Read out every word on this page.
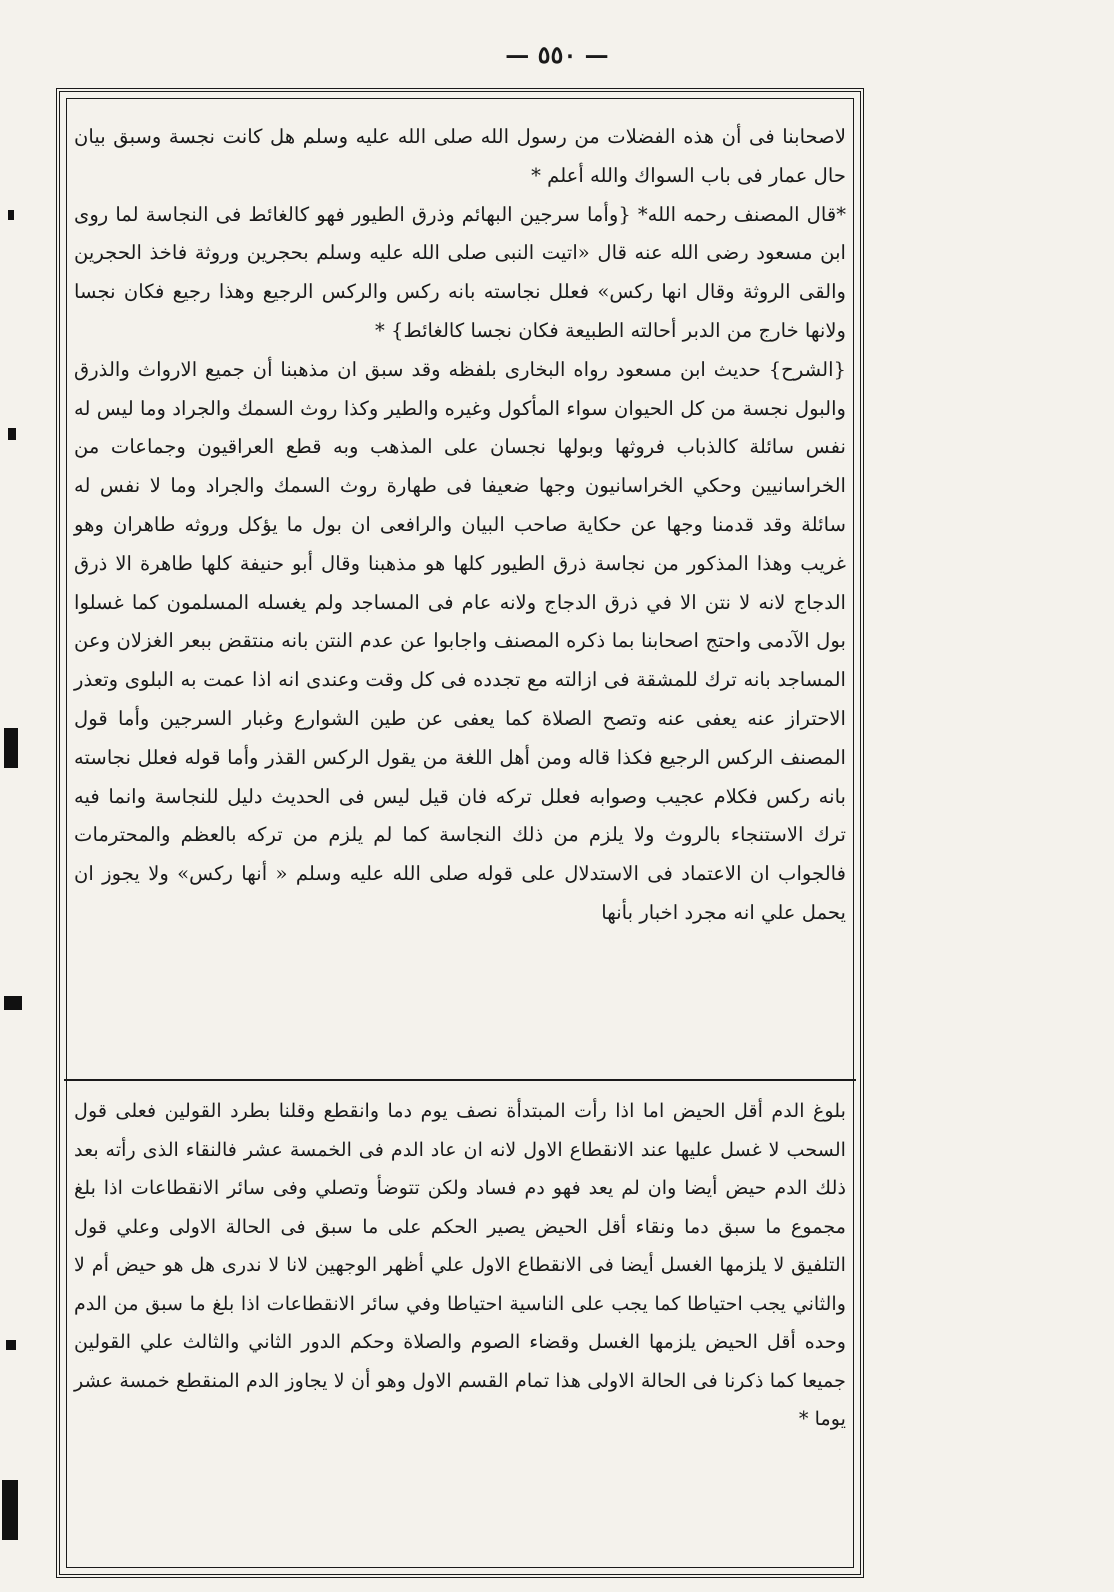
— ٥٥٠ —

لاصحابنا فى أن هذه الفضلات من رسول الله صلى الله عليه وسلم هل كانت نجسة وسبق بيان حال عمار فى باب السواك والله أعلم *

*قال المصنف رحمه الله* {وأما سرجين البهائم وذرق الطيور فهو كالغائط فى النجاسة لما روى ابن مسعود رضى الله عنه قال «اتيت النبى صلى الله عليه وسلم بحجرين وروثة فاخذ الحجرين والقى الروثة وقال انها ركس» فعلل نجاسته بانه ركس والركس الرجيع وهذا رجيع فكان نجسا ولانها خارج من الدبر أحالته الطبيعة فكان نجسا كالغائط} *

{الشرح} حديث ابن مسعود رواه البخارى بلفظه وقد سبق ان مذهبنا أن جميع الارواث والذرق والبول نجسة من كل الحيوان سواء المأكول وغيره والطير وكذا روث السمك والجراد وما ليس له نفس سائلة كالذباب فروثها وبولها نجسان على المذهب وبه قطع العراقيون وجماعات من الخراسانيين وحكي الخراسانيون وجها ضعيفا فى طهارة روث السمك والجراد وما لا نفس له سائلة وقد قدمنا وجها عن حكاية صاحب البيان والرافعى ان بول ما يؤكل وروثه طاهران وهو غريب وهذا المذكور من نجاسة ذرق الطيور كلها هو مذهبنا وقال أبو حنيفة كلها طاهرة الا ذرق الدجاج لانه لا نتن الا في ذرق الدجاج ولانه عام فى المساجد ولم يغسله المسلمون كما غسلوا بول الآدمى واحتج اصحابنا بما ذكره المصنف واجابوا عن عدم النتن بانه منتقض ببعر الغزلان وعن المساجد بانه ترك للمشقة فى ازالته مع تجدده فى كل وقت وعندى انه اذا عمت به البلوى وتعذر الاحتراز عنه يعفى عنه وتصح الصلاة كما يعفى عن طين الشوارع وغبار السرجين وأما قول المصنف الركس الرجيع فكذا قاله ومن أهل اللغة من يقول الركس القذر وأما قوله فعلل نجاسته بانه ركس فكلام عجيب وصوابه فعلل تركه فان قيل ليس فى الحديث دليل للنجاسة وانما فيه ترك الاستنجاء بالروث ولا يلزم من ذلك النجاسة كما لم يلزم من تركه بالعظم والمحترمات فالجواب ان الاعتماد فى الاستدلال على قوله صلى الله عليه وسلم « أنها ركس» ولا يجوز ان يحمل علي انه مجرد اخبار بأنها

بلوغ الدم أقل الحيض اما اذا رأت المبتدأة نصف يوم دما وانقطع وقلنا بطرد القولين فعلى قول السحب لا غسل عليها عند الانقطاع الاول لانه ان عاد الدم فى الخمسة عشر فالنقاء الذى رأته بعد ذلك الدم حيض أيضا وان لم يعد فهو دم فساد ولكن تتوضأ وتصلي وفى سائر الانقطاعات اذا بلغ مجموع ما سبق دما ونقاء أقل الحيض يصير الحكم على ما سبق فى الحالة الاولى وعلي قول التلفيق لا يلزمها الغسل أيضا فى الانقطاع الاول علي أظهر الوجهين لانا لا ندرى هل هو حيض أم لا والثاني يجب احتياطا كما يجب على الناسية احتياطا وفي سائر الانقطاعات اذا بلغ ما سبق من الدم وحده أقل الحيض يلزمها الغسل وقضاء الصوم والصلاة وحكم الدور الثاني والثالث علي القولين جميعا كما ذكرنا فى الحالة الاولى هذا تمام القسم الاول وهو أن لا يجاوز الدم المنقطع خمسة عشر يوما *
